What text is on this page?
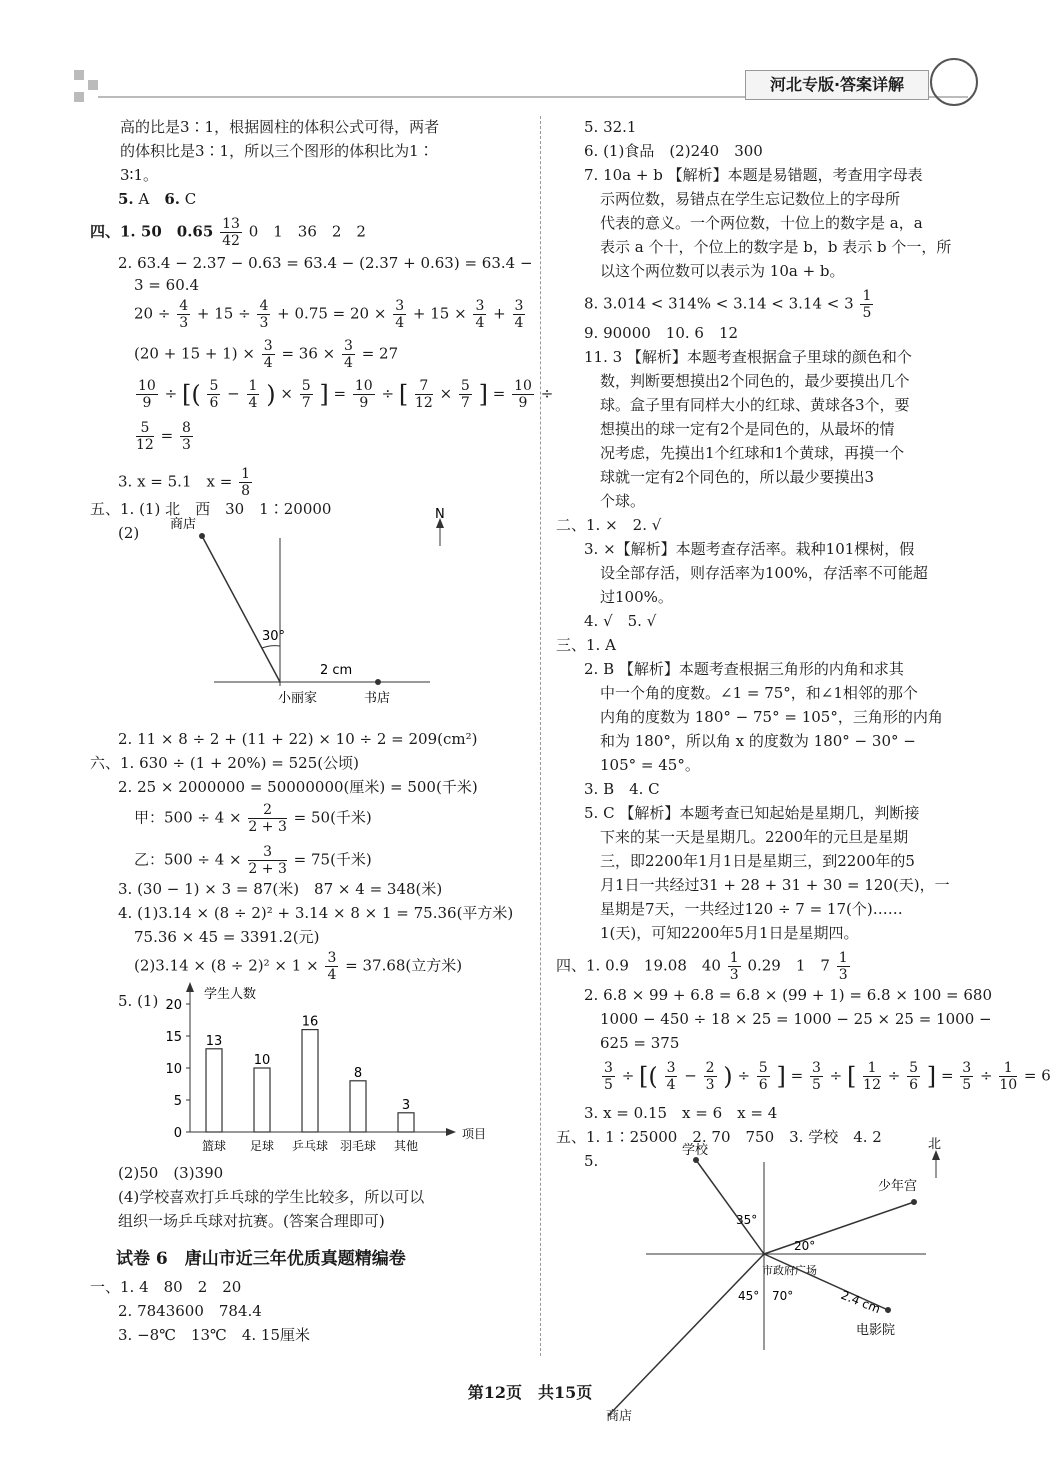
河北专版·答案详解
高的比是3∶1，根据圆柱的体积公式可得，两者
的体积比是3∶1，所以三个图形的体积比为1∶
3∶1。
5. A　 6. C
四、1. 50　$0.65 \frac{13}{42} 0$　1　36　2　2
2. 63.4 − 2.37 − 0.63 = 63.4 − (2.37 + 0.63) = 63.4 −
3 = 60.4
$20 \div \frac{4}{3} + 15 \div \frac{4}{3} + 0.75 = 20 \times \frac{3}{4} + 15 \times \frac{3}{4} + \frac{3}{4}$
$(20 + 15 + 1) \times \frac{3}{4} = 36 \times \frac{3}{4} = 27$
$\frac{10}{9}$ ÷ [( $\frac{5}{6} - \frac{1}{4}$ ) × $\frac{5}{7}$ ] = $\frac{10}{9}$ ÷ [ $\frac{7}{12} \times \frac{5}{7}$ ] = $\frac{10}{9}$ ÷
$\frac{5}{12} = \frac{8}{3}$
3. x = 5.1　$x = \frac{1}{8}$
五、1. (1) 北　西　30　1∶20000
(2) 商店
N
30°
2 cm
小丽家	书店
2. 11 × 8 ÷ 2 + (11 + 22) × 10 ÷ 2 = 209(cm²)
六、1. 630 ÷ (1 + 20%) = 525(公顷)
2. 25 × 2000000 = 50000000(厘米) = 500(千米)
甲：$500 \div 4 \times \frac{2}{2 + 3} = 50$(千米)
乙：$500 \div 4 \times \frac{3}{2 + 3} = 75$(千米)
3. (30 − 1) × 3 = 87(米)　87 × 4 = 348(米)
4. (1)3.14 × (8 ÷ 2)² + 3.14 × 8 × 1 = 75.36(平方米)
75.36 × 45 = 3391.2(元)
$(2)3.14 \times (8 \div 2)^2 \times 1 \times \frac{3}{4} = 37.68$(立方米)
5. (1)	学生人数
项目
0
5
10
15
20
13
篮球
10
足球
16
乒乓球
8
羽毛球
3
其他
(2)50　(3)390
(4)学校喜欢打乒乓球的学生比较多，所以可以
组织一场乒乓球对抗赛。(答案合理即可)
试卷 6　唐山市近三年优质真题精编卷
一、1. 4　80　2　20
2. 7843600　784.4
3. −8℃　13℃　4. 15厘米
5. 32.1
6. (1)食品　(2)240　300
7. 10a + b 【解析】本题是易错题，考查用字母表
示两位数，易错点在学生忘记数位上的字母所
代表的意义。一个两位数，十位上的数字是 a，a
表示 a 个十，个位上的数字是 b，b 表示 b 个一，所
以这个两位数可以表示为 10a + b。
8. $3.014 < 314\% < 3.14 < 3.14 < 3 \frac{1}{5}$
9. 90000　10. 6　12
11. 3 【解析】本题考查根据盒子里球的颜色和个
数，判断要想摸出2个同色的，最少要摸出几个
球。盒子里有同样大小的红球、黄球各3个，要
想摸出的球一定有2个是同色的，从最坏的情
况考虑，先摸出1个红球和1个黄球，再摸一个
球就一定有2个同色的，所以最少要摸出3
个球。
二、1. ×　2. √
3. ×【解析】本题考查存活率。栽种101棵树，假
设全部存活，则存活率为100%，存活率不可能超
过100%。
4. √　5. √
三、1. A
2. B 【解析】本题考查根据三角形的内角和求其
中一个角的度数。∠1 = 75°，和∠1相邻的那个
内角的度数为 180° − 75° = 105°，三角形的内角
和为 180°，所以角 x 的度数为 180° − 30° −
105° = 45°。
3. B　4. C
5. C 【解析】本题考查已知起始是星期几，判断接
下来的某一天是星期几。2200年的元旦是星期
三，即2200年1月1日是星期三，到2200年的5
月1日一共经过31 + 28 + 31 + 30 = 120(天)，一
星期是7天，一共经过120 ÷ 7 = 17(个)……
1(天)，可知2200年5月1日是星期四。
四、1. 0.9　19.08　$40 \frac{1}{3} 0.29$　1　$7 \frac{1}{3}$
2. 6.8 × 99 + 6.8 = 6.8 × (99 + 1) = 6.8 × 100 = 680
1000 − 450 ÷ 18 × 25 = 1000 − 25 × 25 = 1000 −
625 = 375
$\frac{3}{5}$ ÷ [( $\frac{3}{4} - \frac{2}{3}$ ) ÷ $\frac{5}{6}$ ] = $\frac{3}{5}$ ÷ [ $\frac{1}{12} \div \frac{5}{6}$ ] = $\frac{3}{5} \div \frac{1}{10} = 6$
3. x = 0.15　x = 6　x = 4
五、1. 1∶25000　2. 70　750　3. 学校　4. 2
5.
学校
少年宫
北
35°
20°
市政府广场
2.4 cm
电影院
45° 70°
商店
第12页　 共15页
